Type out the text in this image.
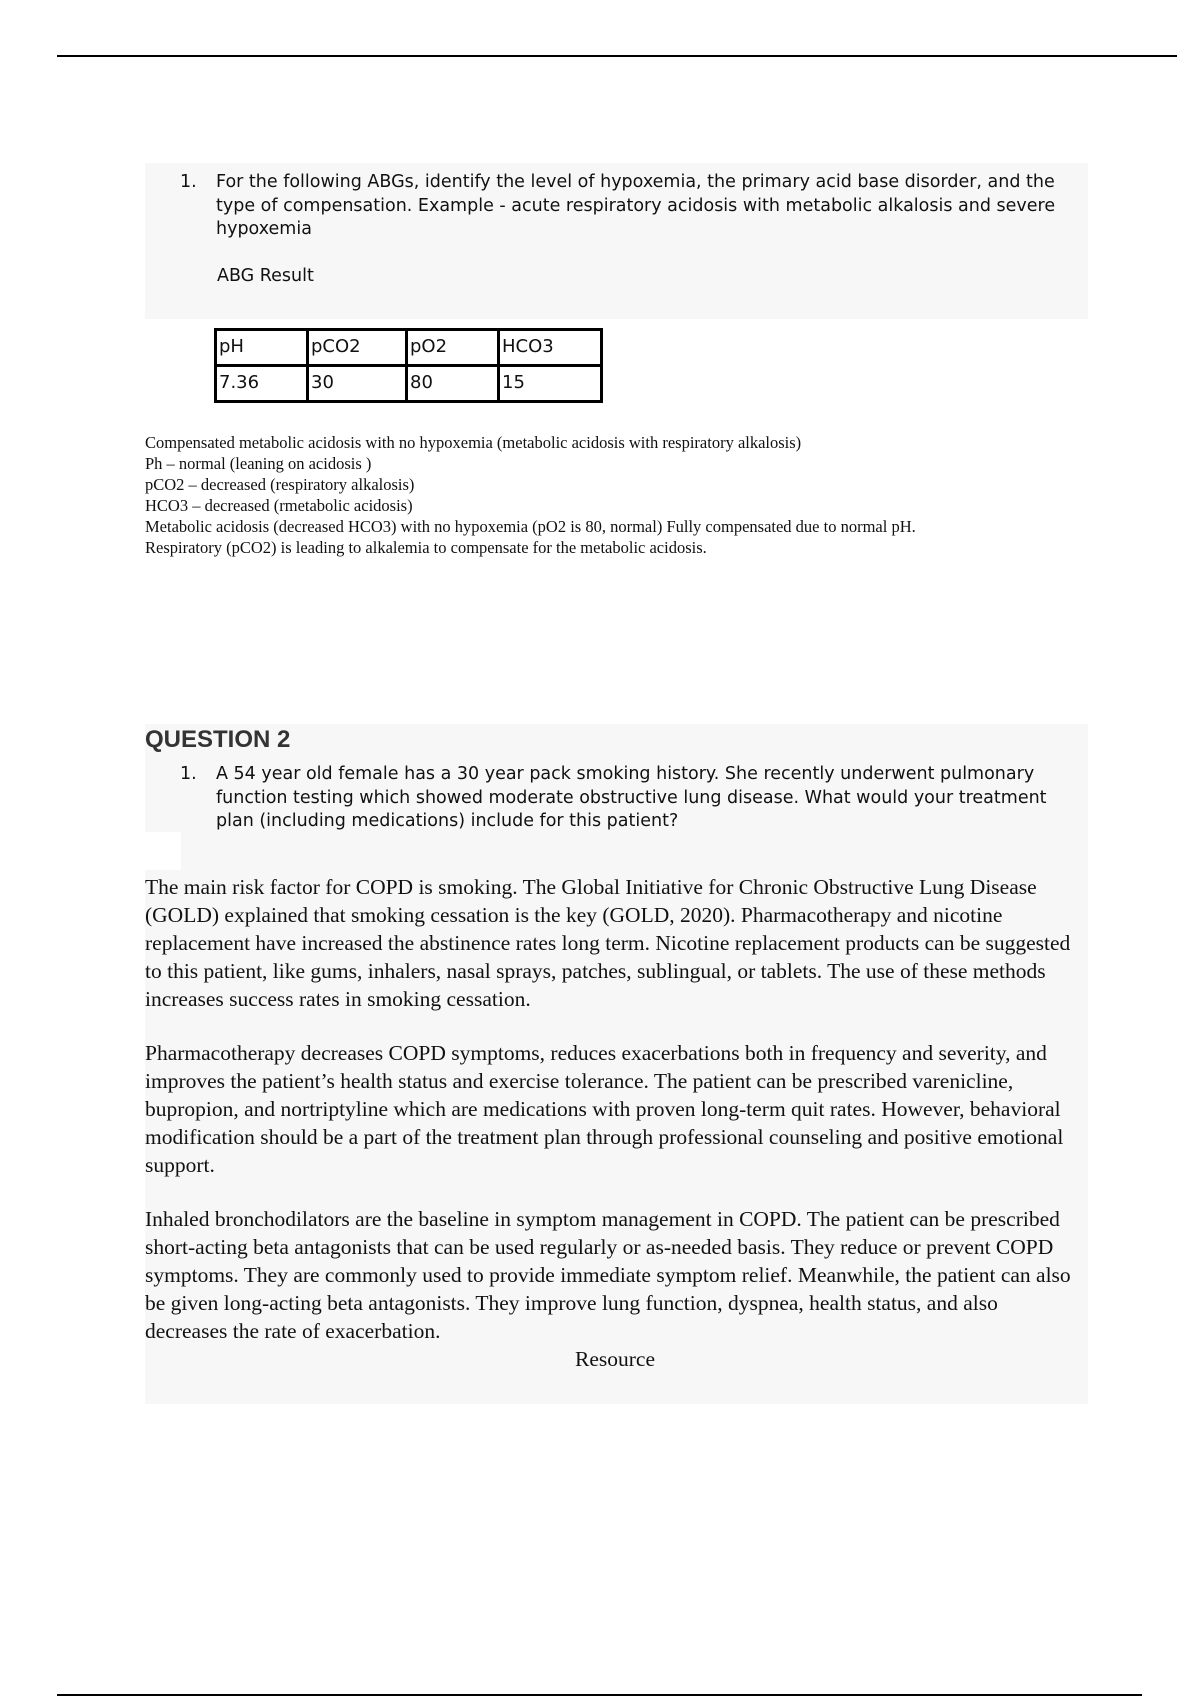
1. For the following ABGs, identify the level of hypoxemia, the primary acid base disorder, and the type of compensation. Example - acute respiratory acidosis with metabolic alkalosis and severe hypoxemia
ABG Result
pH	pCO2	pO2	HCO3
7.36	30	80	15

Compensated metabolic acidosis with no hypoxemia (metabolic acidosis with respiratory alkalosis)

Ph – normal (leaning on acidosis )

pCO2 – decreased (respiratory alkalosis)

HCO3 – decreased (rmetabolic acidosis)

Metabolic acidosis (decreased HCO3) with no hypoxemia (pO2 is 80, normal) Fully compensated due to normal pH.

Respiratory (pCO2) is leading to alkalemia to compensate for the metabolic acidosis.

QUESTION 2
1. A 54 year old female has a 30 year pack smoking history. She recently underwent pulmonary function testing which showed moderate obstructive lung disease. What would your treatment plan (including medications) include for this patient?

The main risk factor for COPD is smoking. The Global Initiative for Chronic Obstructive Lung Disease (GOLD) explained that smoking cessation is the key (GOLD, 2020). Pharmacotherapy and nicotine replacement have increased the abstinence rates long term. Nicotine replacement products can be suggested to this patient, like gums, inhalers, nasal sprays, patches, sublingual, or tablets. The use of these methods increases success rates in smoking cessation.

Pharmacotherapy decreases COPD symptoms, reduces exacerbations both in frequency and severity, and improves the patient’s health status and exercise tolerance. The patient can be prescribed varenicline, bupropion, and nortriptyline which are medications with proven long-term quit rates. However, behavioral modification should be a part of the treatment plan through professional counseling and positive emotional support.

Inhaled bronchodilators are the baseline in symptom management in COPD. The patient can be prescribed short-acting beta antagonists that can be used regularly or as-needed basis. They reduce or prevent COPD symptoms. They are commonly used to provide immediate symptom relief. Meanwhile, the patient can also be given long-acting beta antagonists. They improve lung function, dyspnea, health status, and also decreases the rate of exacerbation.

Resource
